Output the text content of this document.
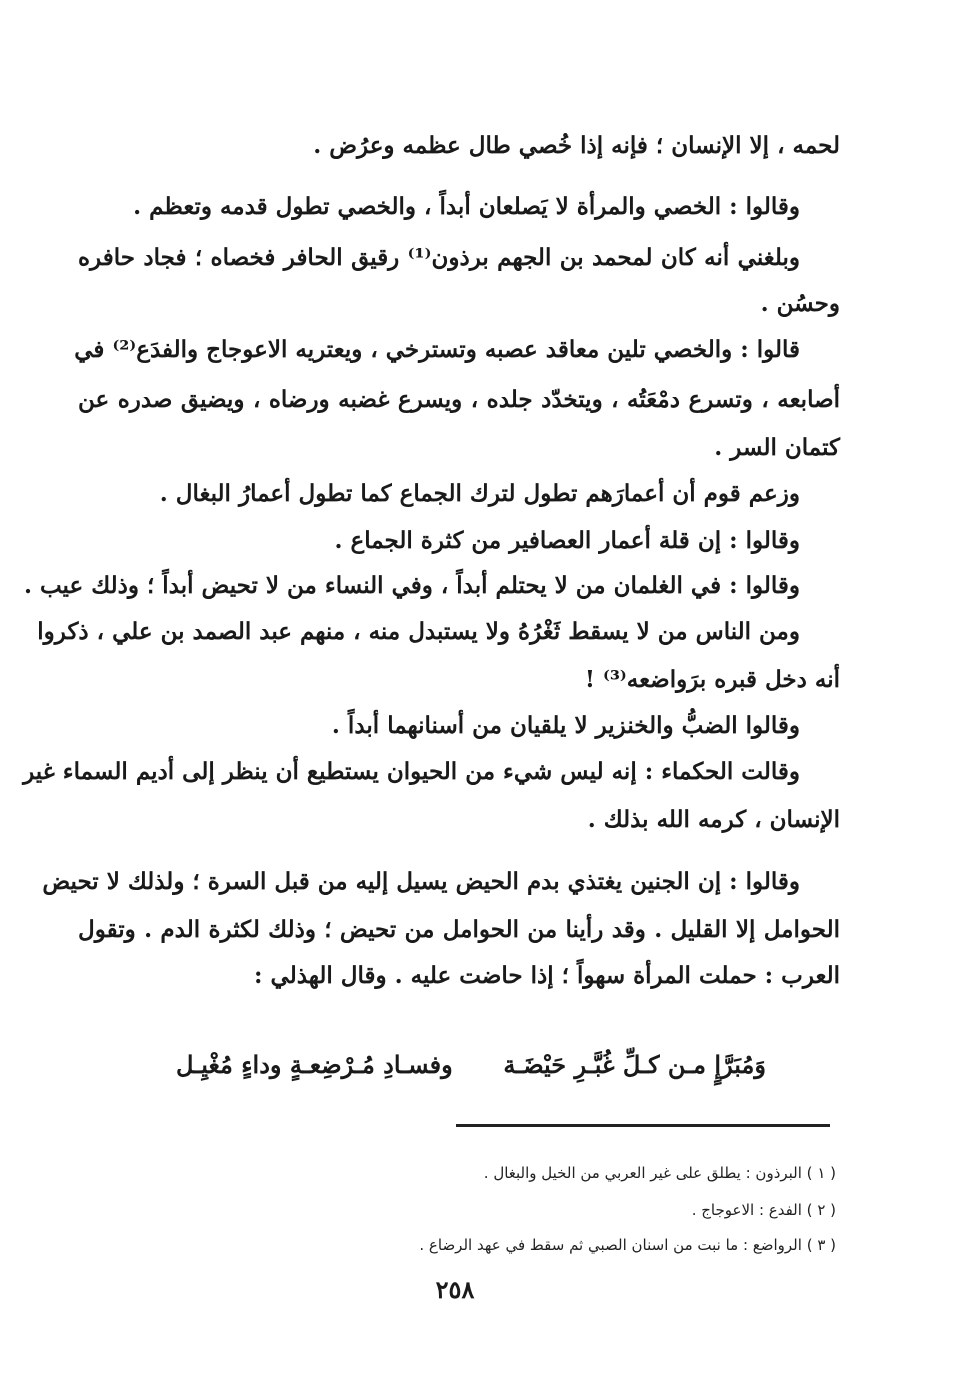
لحمه ، إلا الإنسان ؛ فإنه إذا خُصي طال عظمه وعرُض .
وقالوا : الخصي والمرأة لا يَصلعان أبداً ، والخصي تطول قدمه وتعظم .
وبلغني أنه كان لمحمد بن الجهم برذون⁽¹⁾ رقيق الحافر فخصاه ؛ فجاد حافره
وحسُن .
قالوا : والخصي تلين معاقد عصبه وتسترخي ، ويعتريه الاعوجاج والفدَع⁽²⁾ في
أصابعه ، وتسرع دمْعَتُه ، ويتخدّد جلده ، ويسرع غضبه ورضاه ، ويضيق صدره عن
كتمان السر .
وزعم قوم أن أعمارَهم تطول لترك الجماع كما تطول أعمارُ البغال .
وقالوا : إن قلة أعمار العصافير من كثرة الجماع .
وقالوا : في الغلمان من لا يحتلم أبداً ، وفي النساء من لا تحيض أبداً ؛ وذلك عيب .
ومن الناس من لا يسقط ثَغْرُهُ ولا يستبدل منه ، منهم عبد الصمد بن علي ، ذكروا
أنه دخل قبره برَواضعه⁽³⁾ !
وقالوا الضبُّ والخنزير لا يلقيان من أسنانهما أبداً .
وقالت الحكماء : إنه ليس شيء من الحيوان يستطيع أن ينظر إلى أديم السماء غير
الإنسان ، كرمه الله بذلك .
وقالوا : إن الجنين يغتذي بدم الحيض يسيل إليه من قبل السرة ؛ ولذلك لا تحيض
الحوامل إلا القليل . وقد رأينا من الحوامل من تحيض ؛ وذلك لكثرة الدم . وتقول
العرب : حملت المرأة سهواً ؛ إذا حاضت عليه . وقال الهذلي :
وَمُبَرَّإٍ مـن كـلِّ غُبَّـرِ حَيْضَـة
وفسـادِ مُـرْضِعـةٍ وداءٍ مُغْيِـل
( ١ ) البرذون : يطلق على غير العربي من الخيل والبغال .
( ٢ ) الفدع : الاعوجاج .
( ٣ ) الرواضع : ما نبت من اسنان الصبي ثم سقط في عهد الرضاع .
٢٥٨
